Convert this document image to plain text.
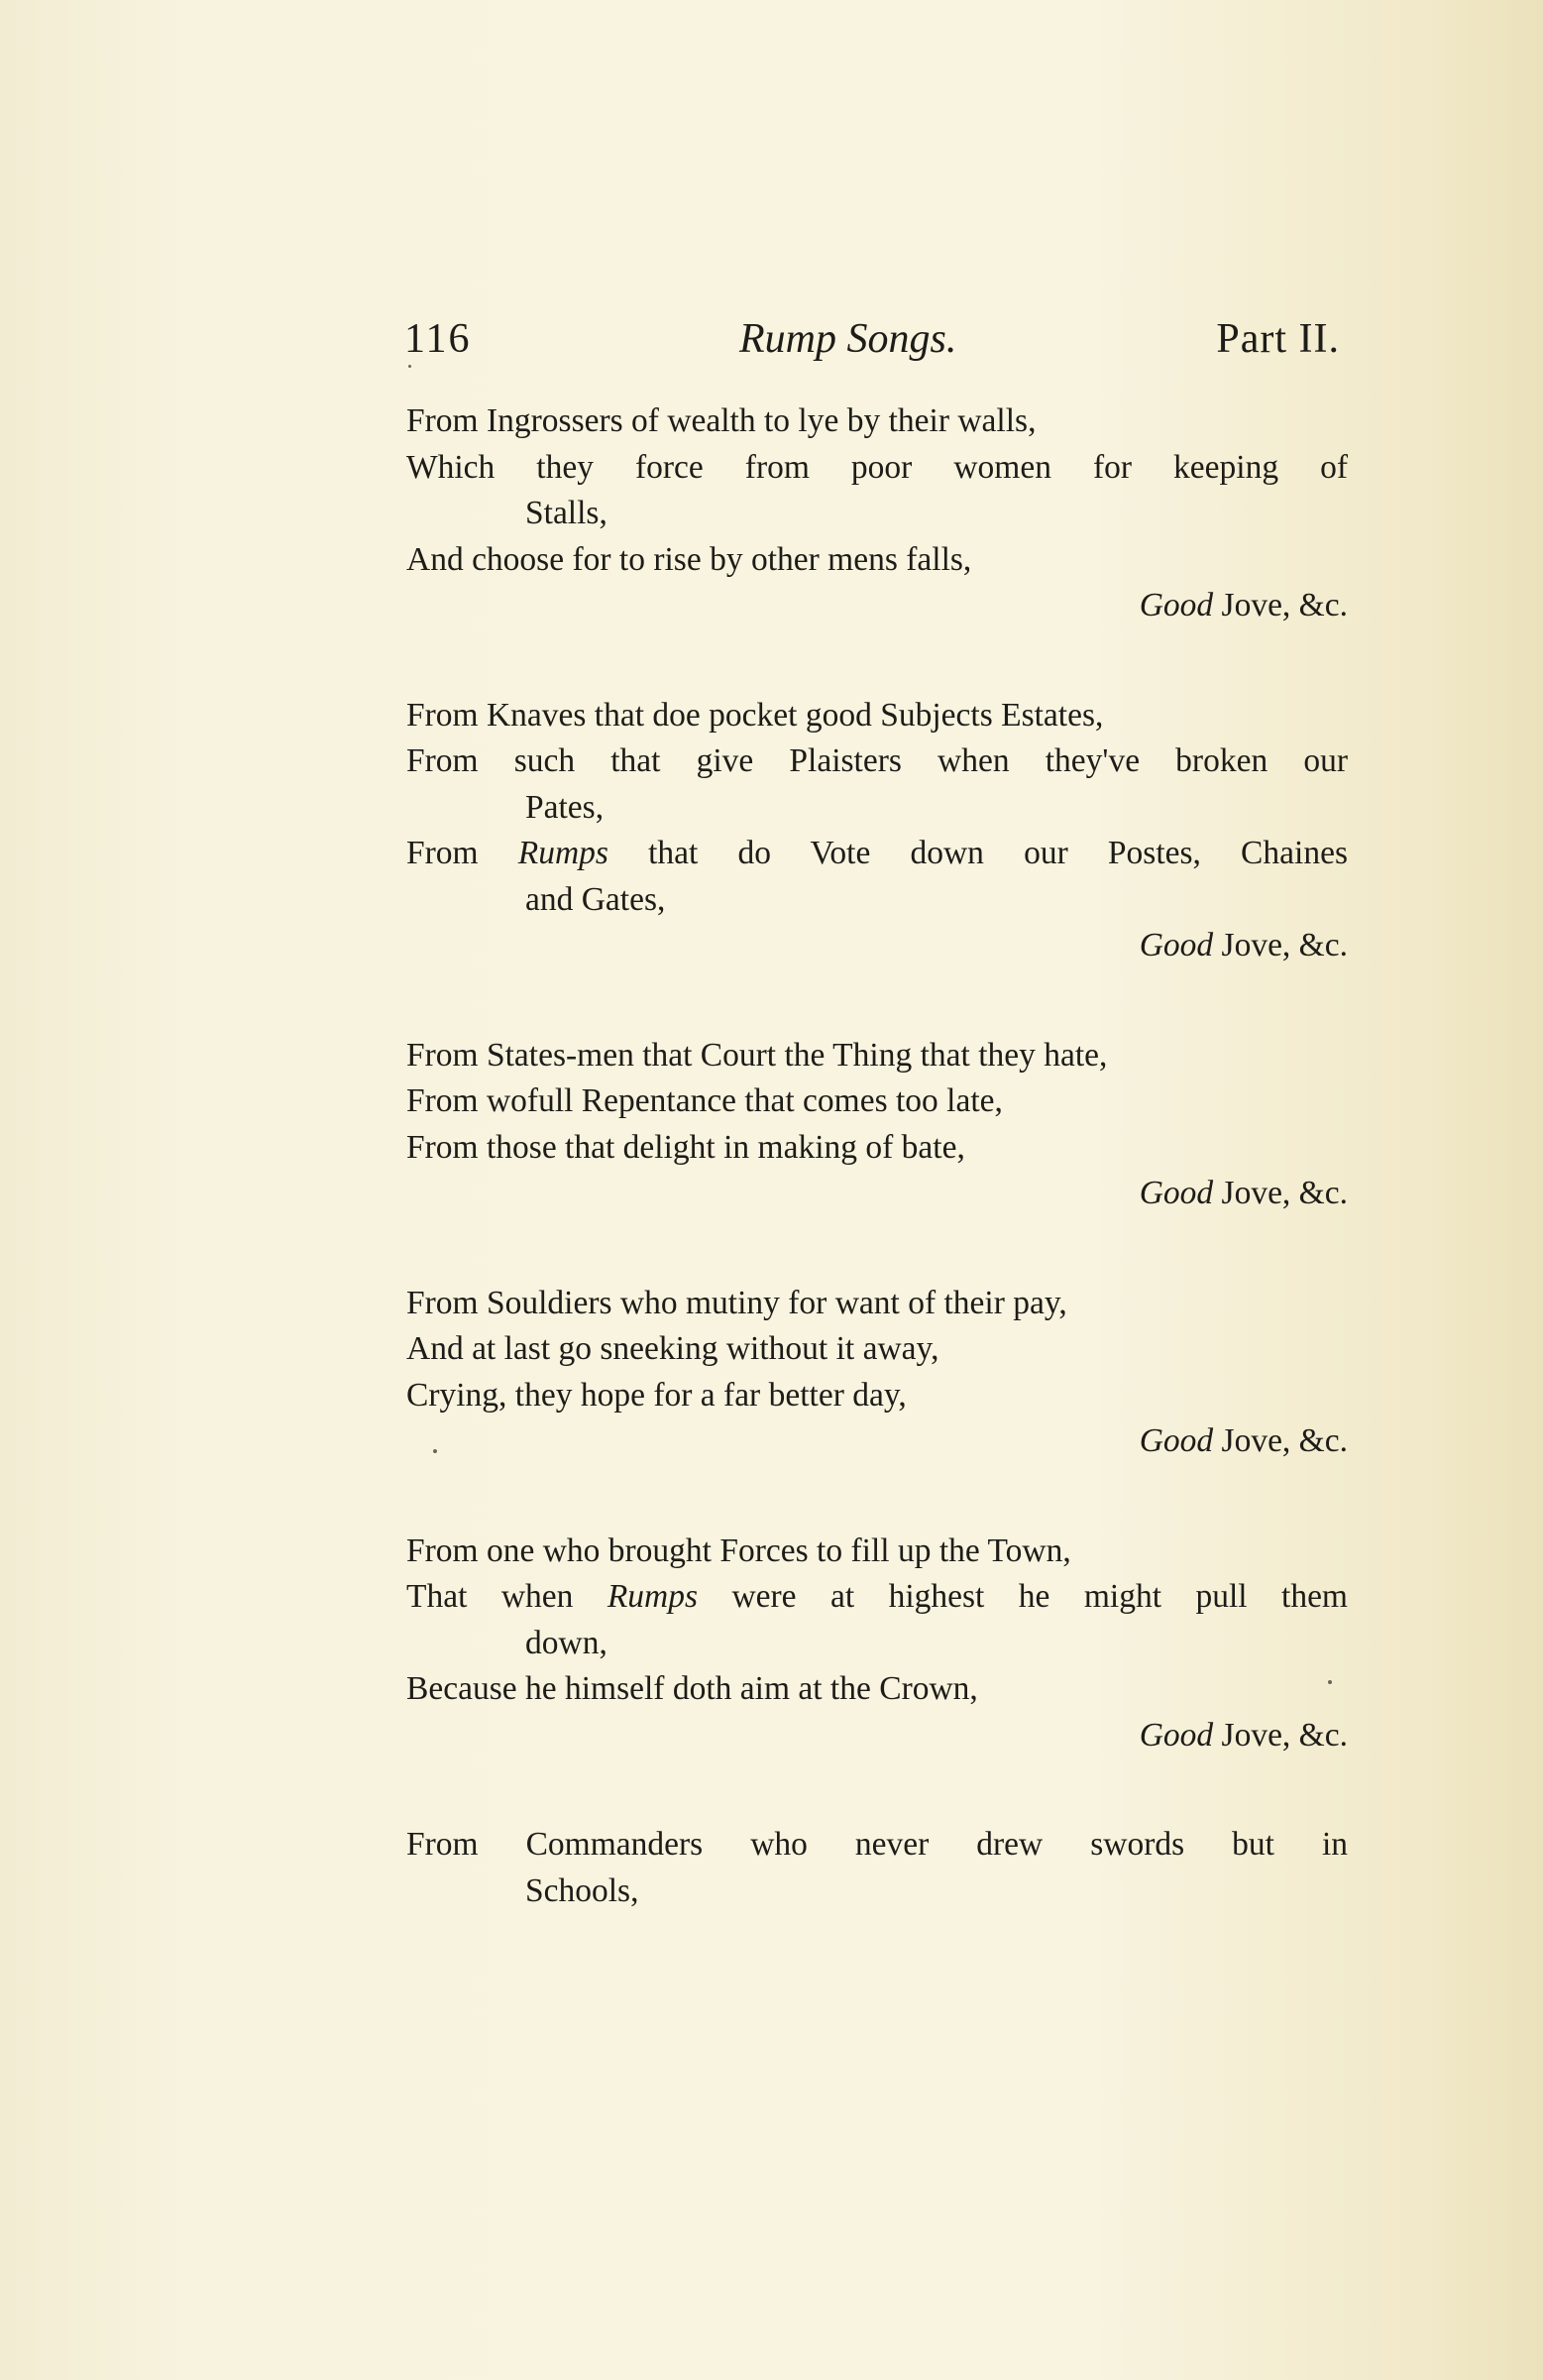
116	Rump Songs.	Part II.
From Ingrossers of wealth to lye by their walls,
Which they force from poor women for keeping of
Stalls,
And choose for to rise by other mens falls,
Good Jove, &c.
From Knaves that doe pocket good Subjects Estates,
From such that give Plaisters when they've broken our
Pates,
From Rumps that do Vote down our Postes, Chaines
and Gates,
Good Jove, &c.
From States-men that Court the Thing that they hate,
From wofull Repentance that comes too late,
From those that delight in making of bate,
Good Jove, &c.
From Souldiers who mutiny for want of their pay,
And at last go sneeking without it away,
Crying, they hope for a far better day,
Good Jove, &c.
From one who brought Forces to fill up the Town,
That when Rumps were at highest he might pull them
down,
Because he himself doth aim at the Crown,
Good Jove, &c.
From Commanders who never drew swords but in
Schools,
